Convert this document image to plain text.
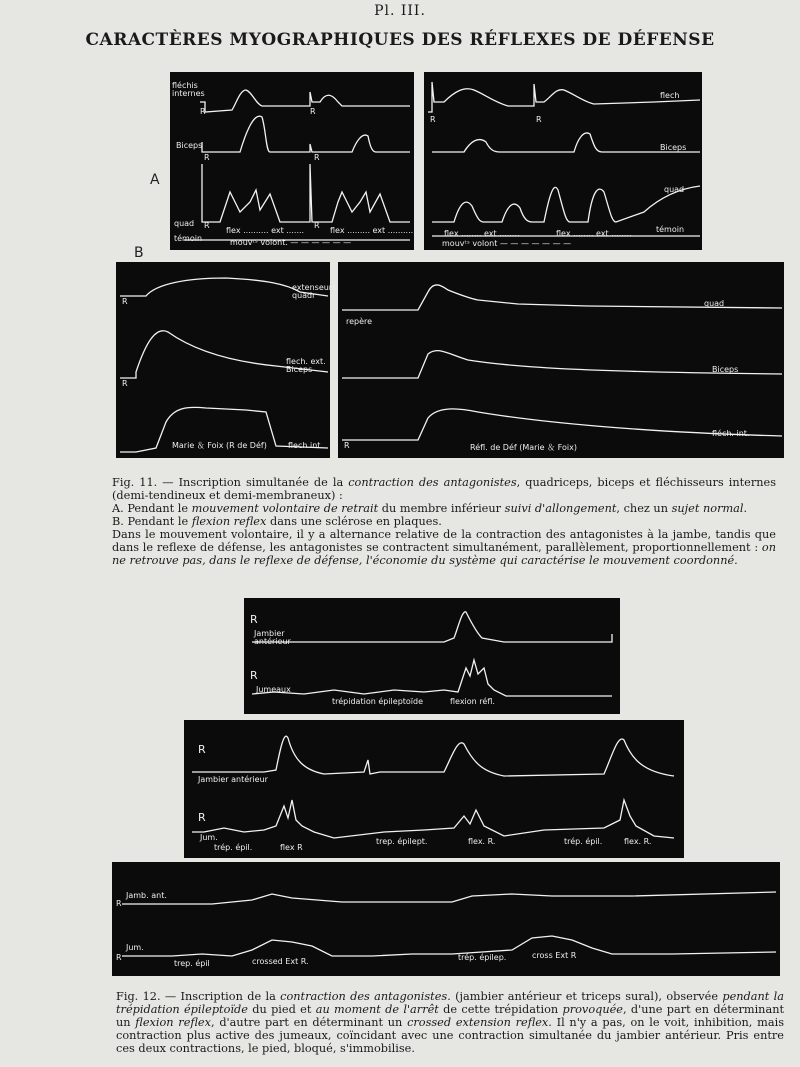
Pl. III.
CARACTÈRES MYOGRAPHIQUES DES RÉFLEXES DE DÉFENSE
A
B
fléchis internes
Biceps
quad
témoin
flex .......... ext .......	flex ......... ext ..........
mouvᵗˢ volont. — — — — — —
R	R
R	R
R	R
flech
Biceps
quad
témoin
flex ........ ext ........	flex ........ ext ........
mouvᵗˢ volont — — — — — — —
R	R
extenseurs quadr
flech. ext. Biceps
Marie ＆ Foix (R de Déf)	flech int
R
R
quad
repère
Biceps
Réfl. de Déf (Marie ＆ Foix)
fléch. int.
R

Fig. 11. — Inscription simultanée de la contraction des antagonistes, quadriceps, biceps et fléchisseurs internes (demi-tendineux et demi-membraneux) :

A. Pendant le mouvement volontaire de retrait du membre inférieur suivi d'allongement, chez un sujet normal.

B. Pendant le flexion reflex dans une sclérose en plaques.

Dans le mouvement volontaire, il y a alternance relative de la contraction des antagonistes à la jambe, tandis que dans le reflexe de défense, les antagonistes se contractent simultanément, parallèlement, proportionnellement : on ne retrouve pas, dans le reflexe de défense, l'économie du système qui caractérise le mouvement coordonné.

Jambier antérieur
Jumeaux
trépidation épileptoïde	flexion réfl.
R
R
Jambier antérieur
Jum.
trép. épil.	flex R
trep. épilept.	flex. R.	trép. épil.	flex. R.
R
R
Jamb. ant.
Jum.
trep. épil	crossed Ext R.	trép. épilep.	cross Ext R
R
R

Fig. 12. — Inscription de la contraction des antagonistes. (jambier antérieur et triceps sural), observée pendant la trépidation épileptoïde du pied et au moment de l'arrêt de cette trépidation provoquée, d'une part en déterminant un flexion reflex, d'autre part en déterminant un crossed extension reflex. Il n'y a pas, on le voit, inhibition, mais contraction plus active des jumeaux, coïncidant avec une contraction simultanée du jambier antérieur. Pris entre ces deux contractions, le pied, bloqué, s'immobilise.
